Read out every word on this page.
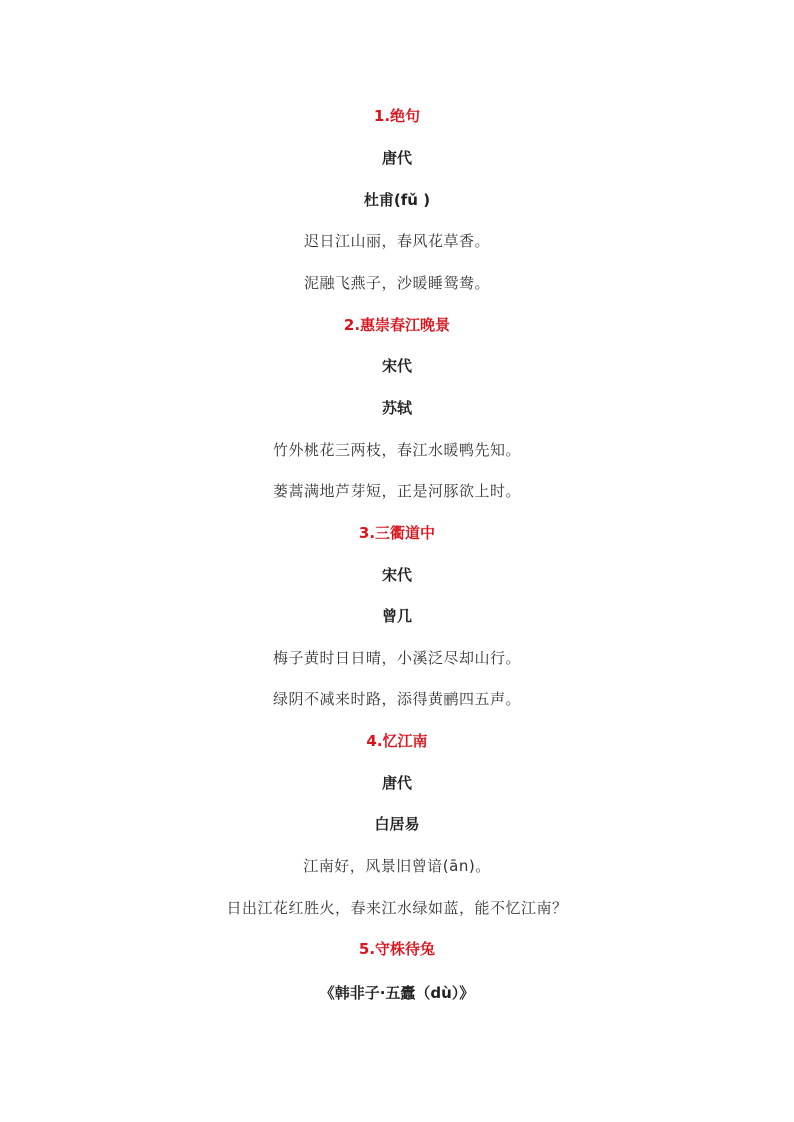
1.绝句
唐代
杜甫(fǔ )
迟日江山丽，春风花草香。
泥融飞燕子，沙暖睡鸳鸯。
2.惠崇春江晚景
宋代
苏轼
竹外桃花三两枝，春江水暖鸭先知。
蒌蒿满地芦芽短，正是河豚欲上时。
3.三衢道中
宋代
曾几
梅子黄时日日晴，小溪泛尽却山行。
绿阴不减来时路，添得黄鹂四五声。
4.忆江南
唐代
白居易
江南好，风景旧曾谙(ān)。
日出江花红胜火，春来江水绿如蓝，能不忆江南？
5.守株待兔
《韩非子·五蠹（dù）》
